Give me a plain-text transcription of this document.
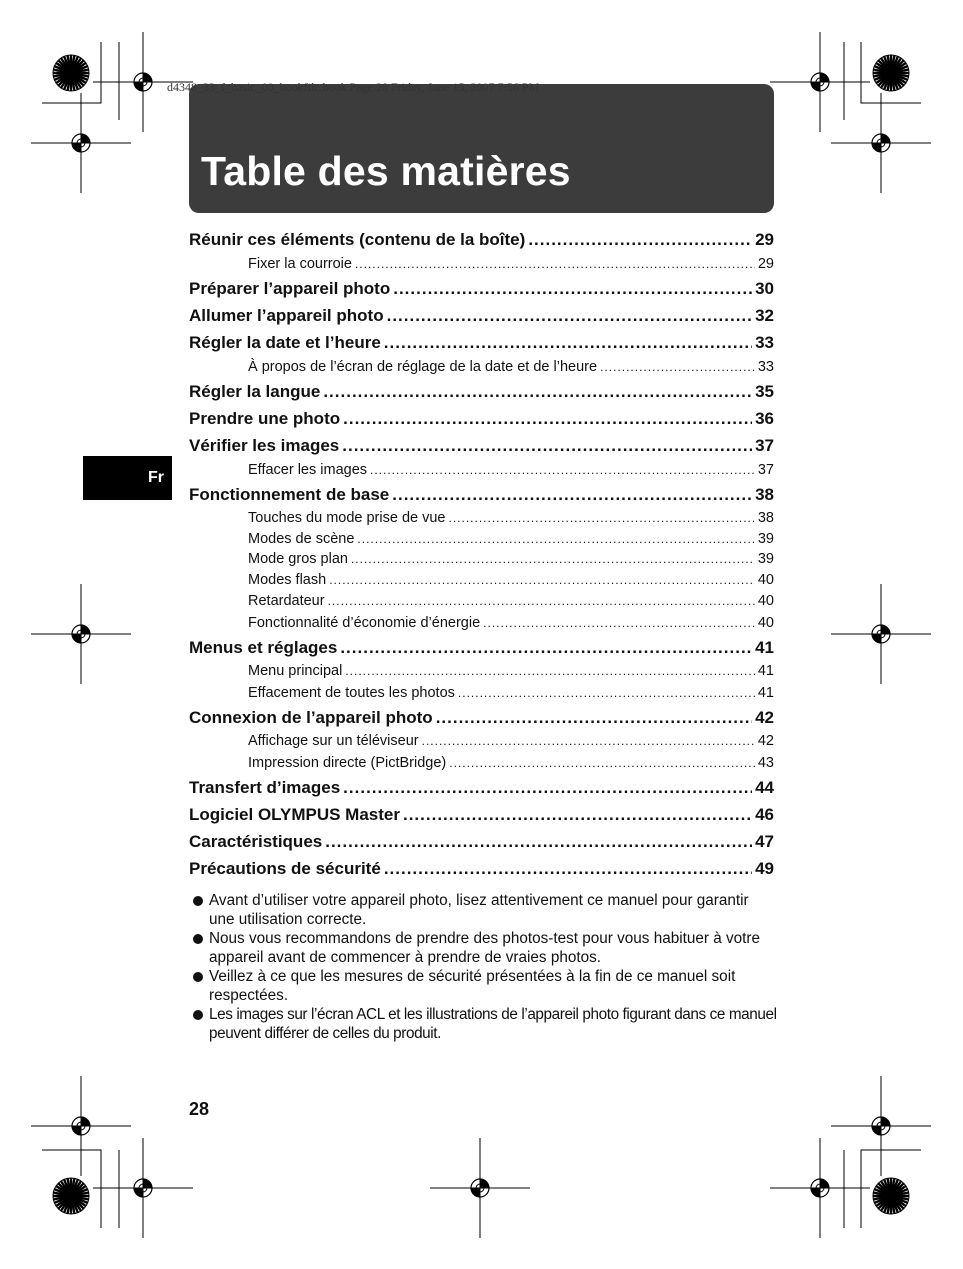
Table des matières
d4348_33_f_basic_00_bookfile.book Page 28 Friday, June 15, 2007 7:56 PM
Fr
Réunir ces éléments (contenu de la boîte) .....	29
Fixer la courroie .....	29
Préparer l’appareil photo .....	30
Allumer l’appareil photo .....	32
Régler la date et l’heure .....	33
À propos de l’écran de réglage de la date et de l’heure .....	33
Régler la langue .....	35
Prendre une photo .....	36
Vérifier les images .....	37
Effacer les images .....	37
Fonctionnement de base .....	38
Touches du mode prise de vue .....	38
Modes de scène .....	39
Mode gros plan .....	39
Modes flash .....	40
Retardateur .....	40
Fonctionnalité d’économie d’énergie .....	40
Menus et réglages .....	41
Menu principal .....	41
Effacement de toutes les photos .....	41
Connexion de l’appareil photo .....	42
Affichage sur un téléviseur .....	42
Impression directe (PictBridge) .....	43
Transfert d’images .....	44
Logiciel OLYMPUS Master .....	46
Caractéristiques .....	47
Précautions de sécurité .....	49
Avant d’utiliser votre appareil photo, lisez attentivement ce manuel pour garantir une utilisation correcte.
Nous vous recommandons de prendre des photos-test pour vous habituer à votre appareil avant de commencer à prendre de vraies photos.
Veillez à ce que les mesures de sécurité présentées à la fin de ce manuel soit respectées.
Les images sur l’écran ACL et les illustrations de l’appareil photo figurant dans ce manuel peuvent différer de celles du produit.
28
